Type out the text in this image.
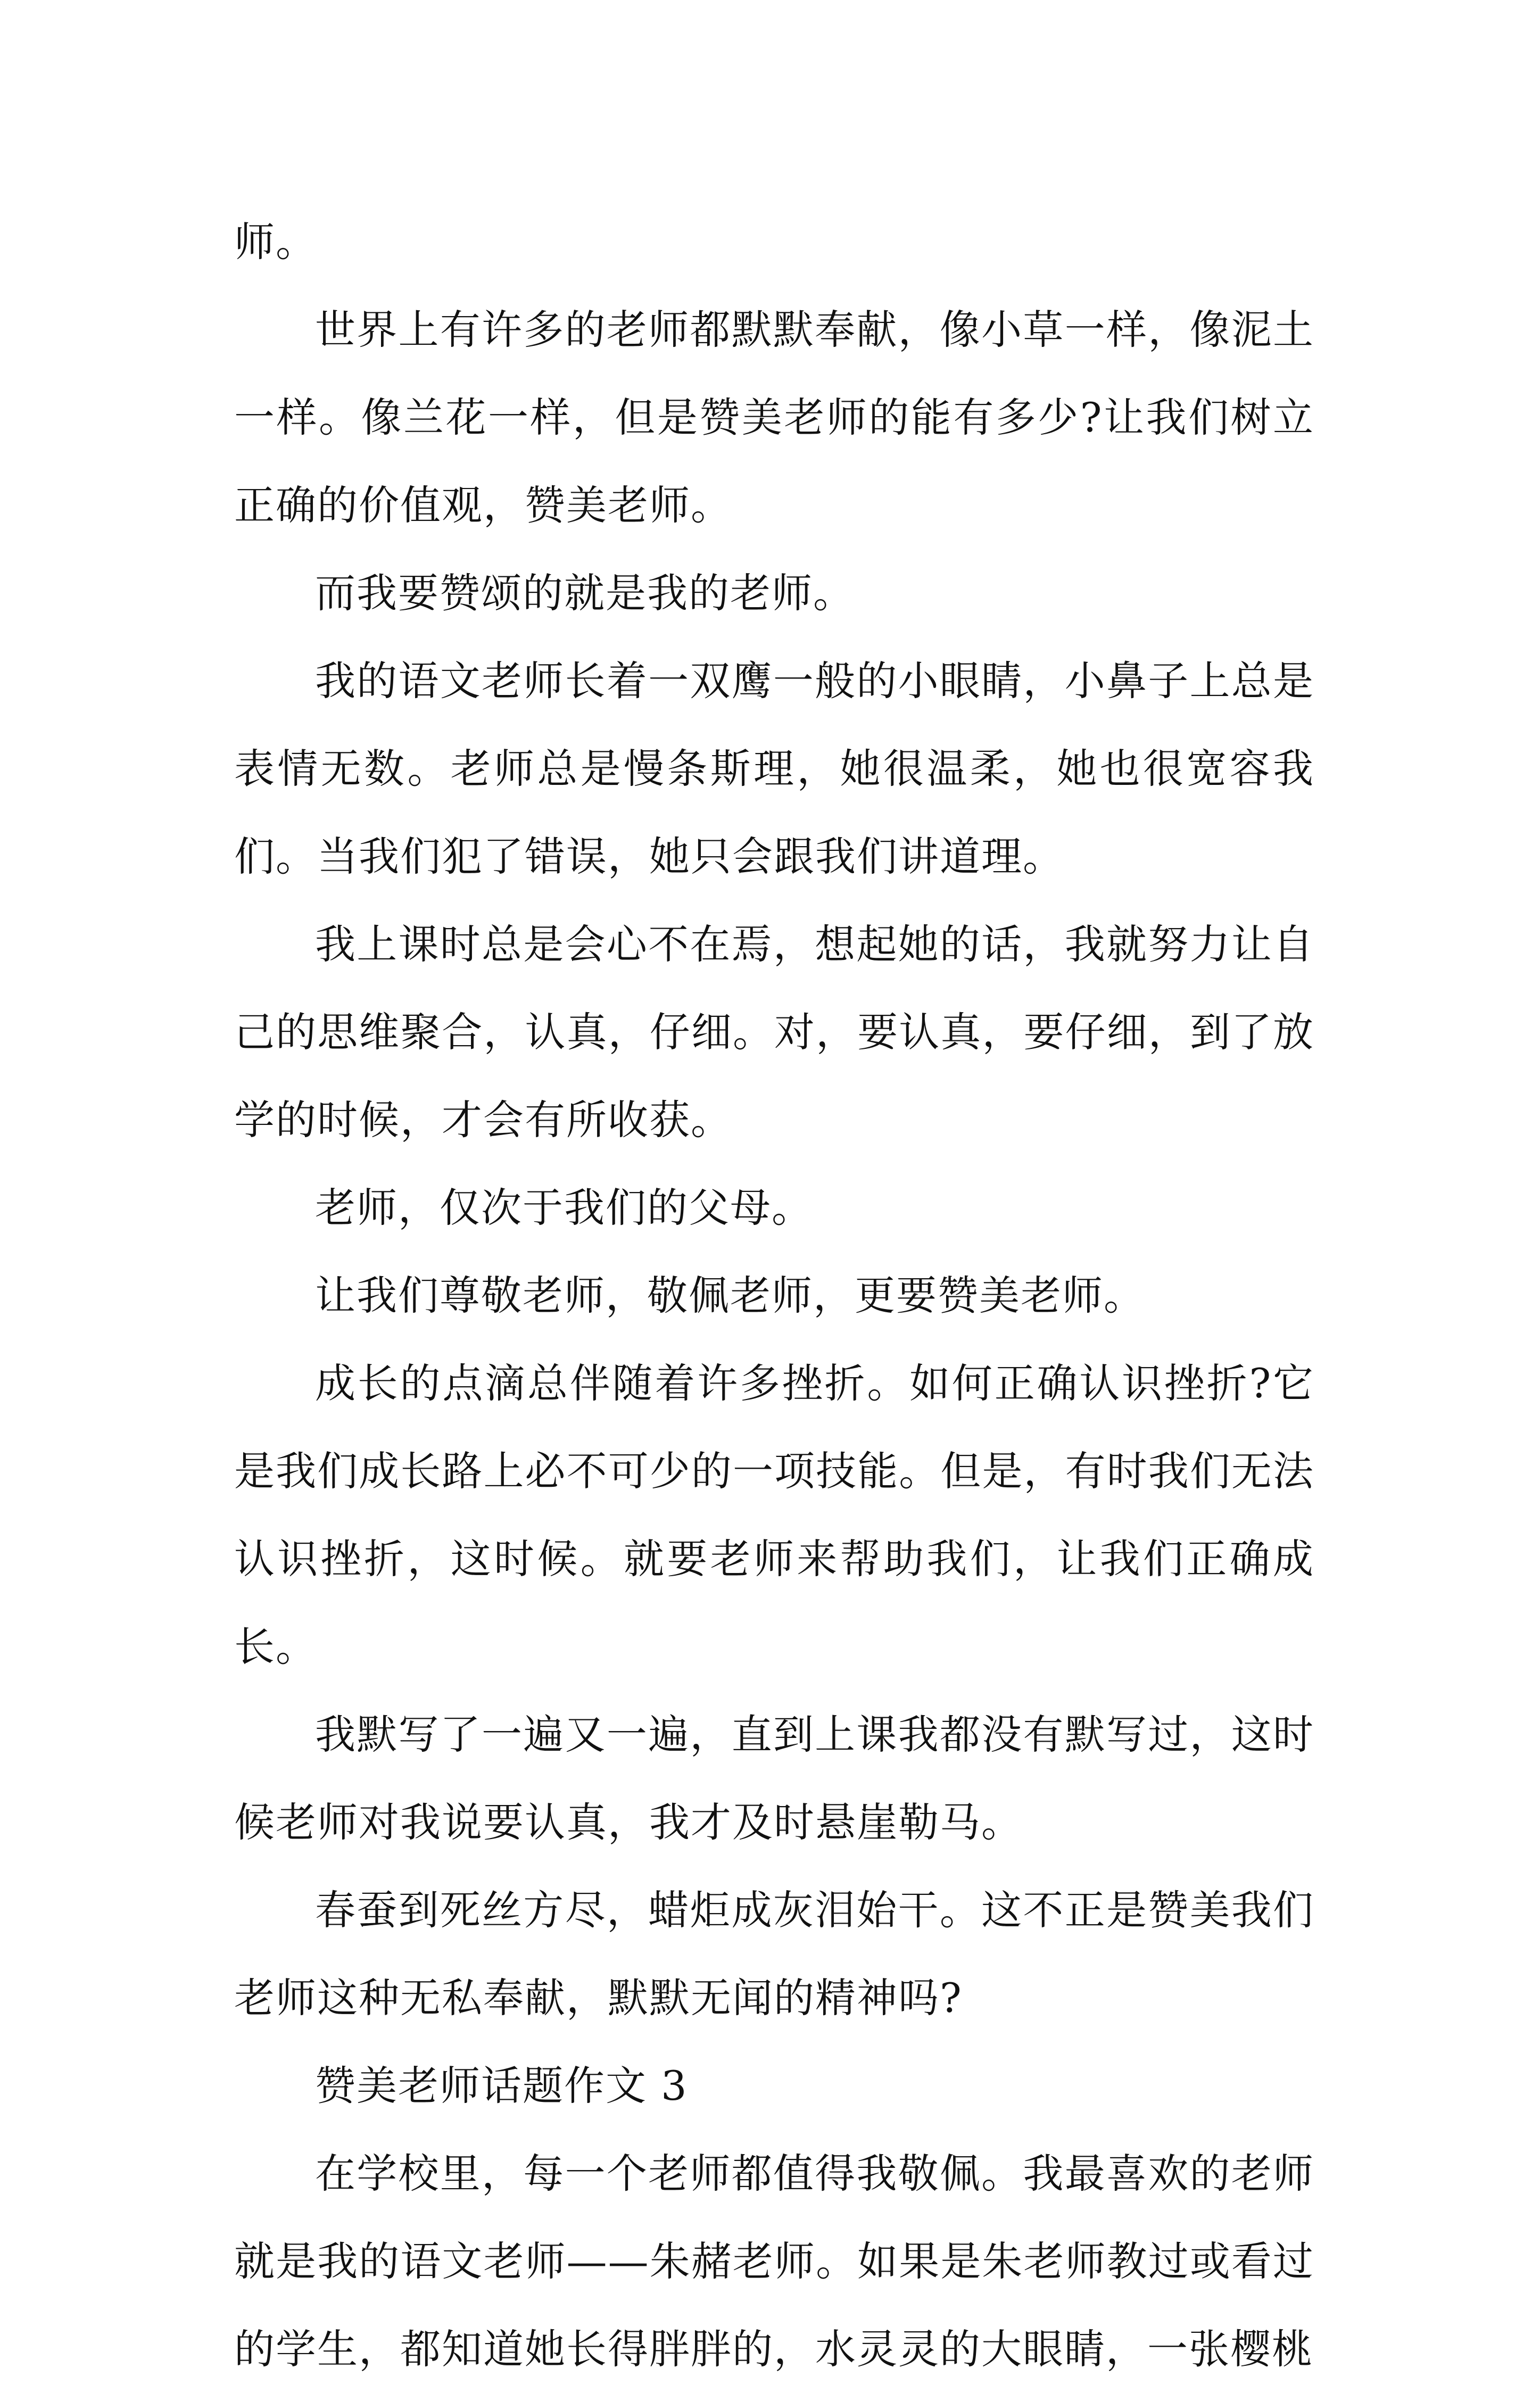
师。

世界上有许多的老师都默默奉献，像小草一样，像泥土一样。像兰花一样，但是赞美老师的能有多少?让我们树立正确的价值观，赞美老师。

而我要赞颂的就是我的老师。

我的语文老师长着一双鹰一般的小眼睛，小鼻子上总是表情无数。老师总是慢条斯理，她很温柔，她也很宽容我们。当我们犯了错误，她只会跟我们讲道理。

我上课时总是会心不在焉，想起她的话，我就努力让自己的思维聚合，认真，仔细。对，要认真，要仔细，到了放学的时候，才会有所收获。

老师，仅次于我们的父母。

让我们尊敬老师，敬佩老师，更要赞美老师。

成长的点滴总伴随着许多挫折。如何正确认识挫折?它是我们成长路上必不可少的一项技能。但是，有时我们无法认识挫折，这时候。就要老师来帮助我们，让我们正确成长。

我默写了一遍又一遍，直到上课我都没有默写过，这时候老师对我说要认真，我才及时悬崖勒马。

春蚕到死丝方尽，蜡炬成灰泪始干。这不正是赞美我们老师这种无私奉献，默默无闻的精神吗?

赞美老师话题作文 3

在学校里，每一个老师都值得我敬佩。我最喜欢的老师就是我的语文老师——朱赭老师。如果是朱老师教过或看过的学生，都知道她长得胖胖的，水灵灵的大眼睛，一张樱桃
